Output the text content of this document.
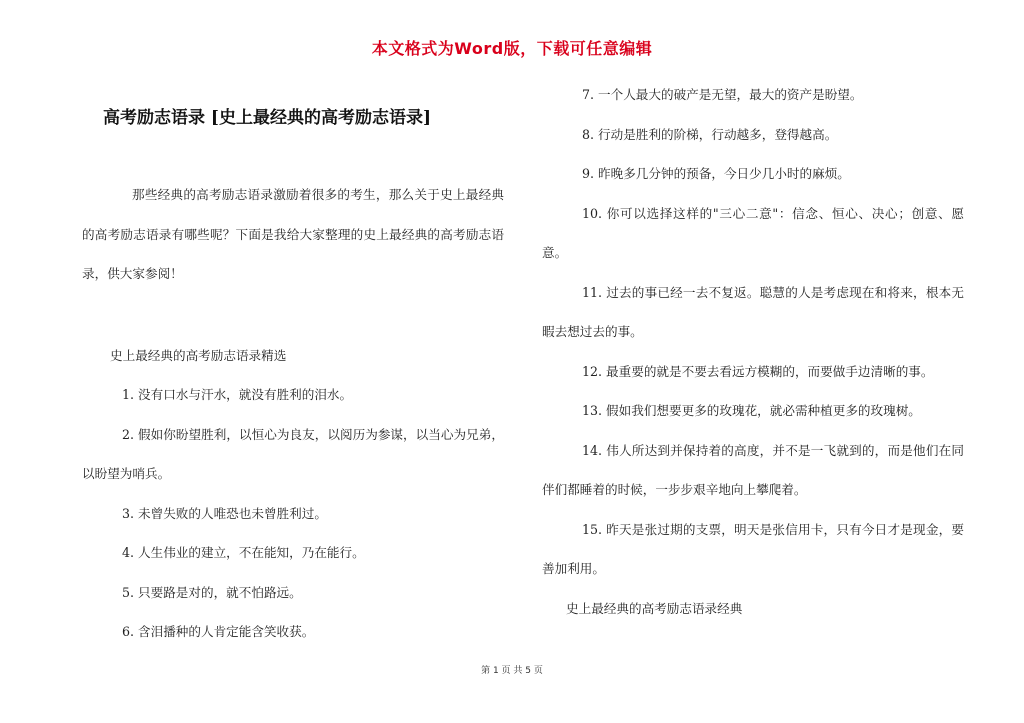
本文格式为Word版，下载可任意编辑
高考励志语录 [史上最经典的高考励志语录]

那些经典的高考励志语录激励着很多的考生，那么关于史上最经典的高考励志语录有哪些呢？下面是我给大家整理的史上最经典的高考励志语录，供大家参阅！

史上最经典的高考励志语录精选

1. 没有口水与汗水，就没有胜利的泪水。

2. 假如你盼望胜利，以恒心为良友，以阅历为参谋，以当心为兄弟，以盼望为哨兵。

3. 未曾失败的人唯恐也未曾胜利过。

4. 人生伟业的建立，不在能知，乃在能行。

5. 只要路是对的，就不怕路远。

6. 含泪播种的人肯定能含笑收获。

7. 一个人最大的破产是无望，最大的资产是盼望。

8. 行动是胜利的阶梯，行动越多，登得越高。

9. 昨晚多几分钟的预备，今日少几小时的麻烦。

10. 你可以选择这样的"三心二意"：信念、恒心、决心；创意、愿意。

11. 过去的事已经一去不复返。聪慧的人是考虑现在和将来，根本无暇去想过去的事。

12. 最重要的就是不要去看远方模糊的，而要做手边清晰的事。

13. 假如我们想要更多的玫瑰花，就必需种植更多的玫瑰树。

14. 伟人所达到并保持着的高度，并不是一飞就到的，而是他们在同伴们都睡着的时候，一步步艰辛地向上攀爬着。

15. 昨天是张过期的支票，明天是张信用卡，只有今日才是现金，要善加利用。

史上最经典的高考励志语录经典

第 1 页 共 5 页
